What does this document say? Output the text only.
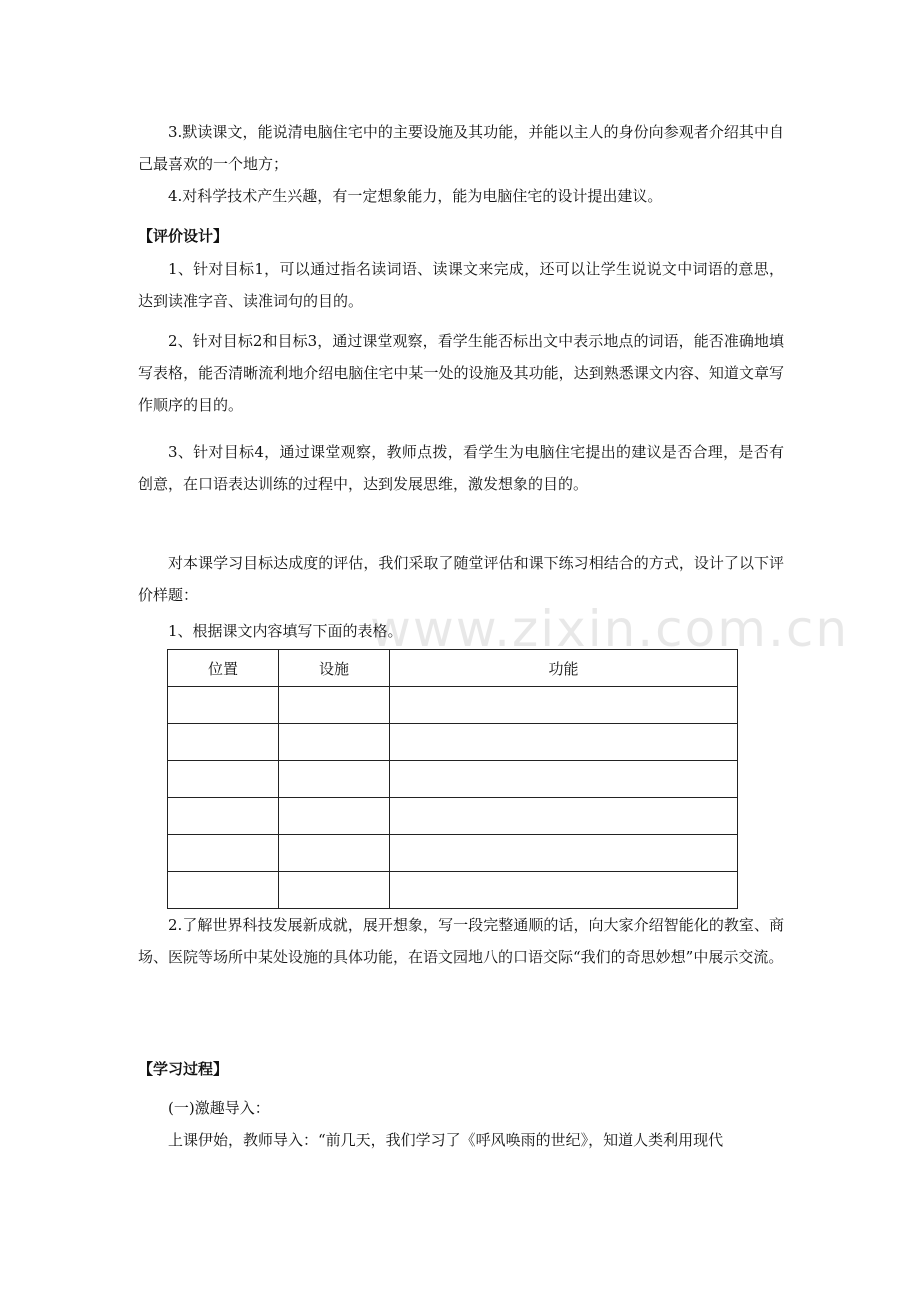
www.zixin.com.cn

3.默读课文，能说清电脑住宅中的主要设施及其功能，并能以主人的身份向参观者介绍其中自己最喜欢的一个地方；

4.对科学技术产生兴趣，有一定想象能力，能为电脑住宅的设计提出建议。

【评价设计】

1、针对目标1，可以通过指名读词语、读课文来完成，还可以让学生说说文中词语的意思，达到读准字音、读准词句的目的。

2、针对目标2和目标3，通过课堂观察，看学生能否标出文中表示地点的词语，能否准确地填写表格，能否清晰流利地介绍电脑住宅中某一处的设施及其功能，达到熟悉课文内容、知道文章写作顺序的目的。

3、针对目标4，通过课堂观察，教师点拨，看学生为电脑住宅提出的建议是否合理，是否有创意，在口语表达训练的过程中，达到发展思维，激发想象的目的。

对本课学习目标达成度的评估，我们采取了随堂评估和课下练习相结合的方式，设计了以下评价样题：

1、根据课文内容填写下面的表格。

位置	设施	功能

2.了解世界科技发展新成就，展开想象，写一段完整通顺的话，向大家介绍智能化的教室、商场、医院等场所中某处设施的具体功能，在语文园地八的口语交际“我们的奇思妙想”中展示交流。

【学习过程】

(一)激趣导入：

上课伊始，教师导入：“前几天，我们学习了《呼风唤雨的世纪》，知道人类利用现代
